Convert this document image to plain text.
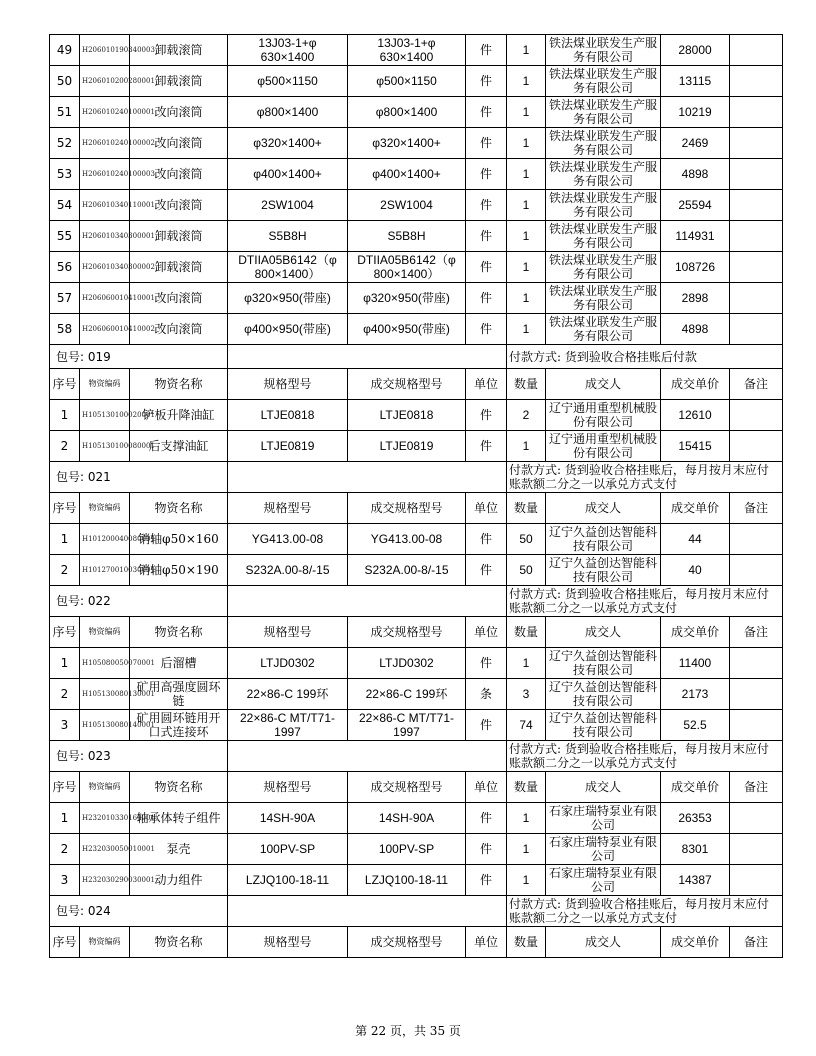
49	H206010190340003	卸载滚筒	13J03-1+φ 630×1400	13J03-1+φ 630×1400	件	1	铁法煤业联发生产服务有限公司	28000	
50	H206010200280001	卸载滚筒	φ500×1150	φ500×1150	件	1	铁法煤业联发生产服务有限公司	13115	
51	H206010240100001	改向滚筒	φ800×1400	φ800×1400	件	1	铁法煤业联发生产服务有限公司	10219	
52	H206010240100002	改向滚筒	φ320×1400+	φ320×1400+	件	1	铁法煤业联发生产服务有限公司	2469	
53	H206010240100003	改向滚筒	φ400×1400+	φ400×1400+	件	1	铁法煤业联发生产服务有限公司	4898	
54	H206010340110001	改向滚筒	2SW1004	2SW1004	件	1	铁法煤业联发生产服务有限公司	25594	
55	H206010340300001	卸载滚筒	S5B8H	S5B8H	件	1	铁法煤业联发生产服务有限公司	114931	
56	H206010340300002	卸载滚筒	DTIIA05B6142（φ 800×1400）	DTIIA05B6142（φ 800×1400）	件	1	铁法煤业联发生产服务有限公司	108726	
57	H206060010410001	改向滚筒	φ320×950(带座)	φ320×950(带座)	件	1	铁法煤业联发生产服务有限公司	2898	
58	H206060010410002	改向滚筒	φ400×950(带座)	φ400×950(带座)	件	1	铁法煤业联发生产服务有限公司	4898	
包号: 019						付款方式: 货到验收合格挂账后付款			
序号	物资编码	物资名称	规格型号	成交规格型号	单位	数量	成交人	成交单价	备注
1	H105130100020001	铲板升降油缸	LTJE0818	LTJE0818	件	2	辽宁通用重型机械股份有限公司	12610	
2	H105130100080001	后支撑油缸	LTJE0819	LTJE0819	件	1	辽宁通用重型机械股份有限公司	15415	
包号: 021						付款方式: 货到验收合格挂账后，每月按月末应付账款额二分之一以承兑方式支付			
序号	物资编码	物资名称	规格型号	成交规格型号	单位	数量	成交人	成交单价	备注
1	H101200040080001	销轴φ50×160	YG413.00-08	YG413.00-08	件	50	辽宁久益创达智能科技有限公司	44	
2	H101270010030001	销轴φ50×190	S232A.00-8/-15	S232A.00-8/-15	件	50	辽宁久益创达智能科技有限公司	40	
包号: 022						付款方式: 货到验收合格挂账后，每月按月末应付账款额二分之一以承兑方式支付			
序号	物资编码	物资名称	规格型号	成交规格型号	单位	数量	成交人	成交单价	备注
1	H105080050070001	后溜槽	LTJD0302	LTJD0302	件	1	辽宁久益创达智能科技有限公司	11400	
2	H105130080130001	矿用高强度圆环链	22×86-C 199环	22×86-C 199环	条	3	辽宁久益创达智能科技有限公司	2173	
3	H105130080140001	矿用圆环链用开口式连接环	22×86-C MT/T71-1997	22×86-C MT/T71-1997	件	74	辽宁久益创达智能科技有限公司	52.5	
包号: 023						付款方式: 货到验收合格挂账后，每月按月末应付账款额二分之一以承兑方式支付			
序号	物资编码	物资名称	规格型号	成交规格型号	单位	数量	成交人	成交单价	备注
1	H232010330160001	轴承体转子组件	14SH-90A	14SH-90A	件	1	石家庄瑞特泵业有限公司	26353	
2	H232030050010001	泵壳	100PV-SP	100PV-SP	件	1	石家庄瑞特泵业有限公司	8301	
3	H232030290030001	动力组件	LZJQ100-18-11	LZJQ100-18-11	件	1	石家庄瑞特泵业有限公司	14387	
包号: 024						付款方式: 货到验收合格挂账后，每月按月末应付账款额二分之一以承兑方式支付			
序号	物资编码	物资名称	规格型号	成交规格型号	单位	数量	成交人	成交单价	备注
第 22 页，共 35 页
